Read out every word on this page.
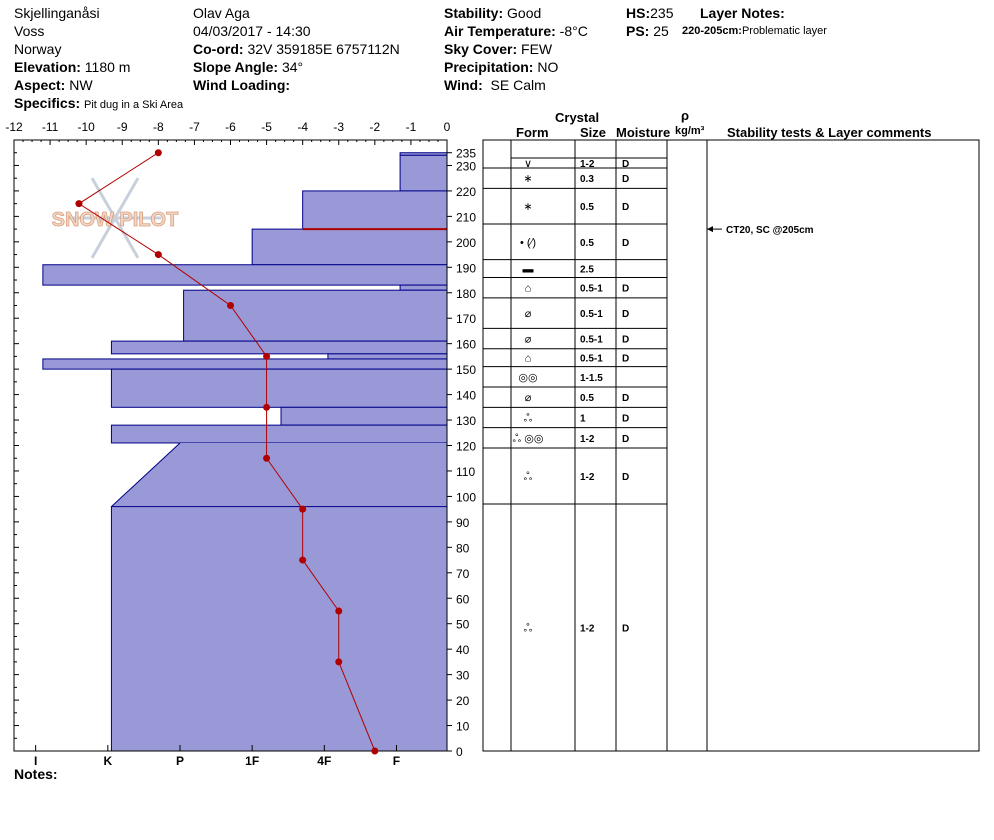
Skjellinganåsi
Voss
Norway
Elevation: 1180 m
Aspect: NW
Specifics: Pit dug in a Ski Area
Olav Aga
04/03/2017 - 14:30
Co-ord: 32V 359185E 6757112N
Slope Angle: 34°
Wind Loading:
Stability: Good
Air Temperature: -8°C
Sky Cover: FEW
Precipitation: NO
Wind: SE Calm
HS:235
PS: 25
Layer Notes:
220-205cm:Problematic layer
Notes:
Crystal
Form Size Moisture
ρ
kg/m³ Stability tests & Layer comments
SNOW PILOT
-12 -11 -10 -9 -8 -7 -6 -5 -4 -3 -2 -1 0
0
10
20
30
40
50
60
70
80
90
100
110
120
130
140
150
160
170
180
190
200
210
220
230
235
I	K	P	1F	4F	F
∨	1-2	D
∗	0.3	D
∗	0.5	D
• (⁄)	0.5	D
▬	2.5
⌂	0.5-1 D
⌀	0.5-1 D
⌀	0.5-1 D
⌂	0.5-1 D
◎◎	1-1.5
⌀	0.5	D
ஃ	1	D
ஃ ◎◎	1-2	D
ஃ	1-2	D
ஃ	1-2	D
CT20, SC @205cm
